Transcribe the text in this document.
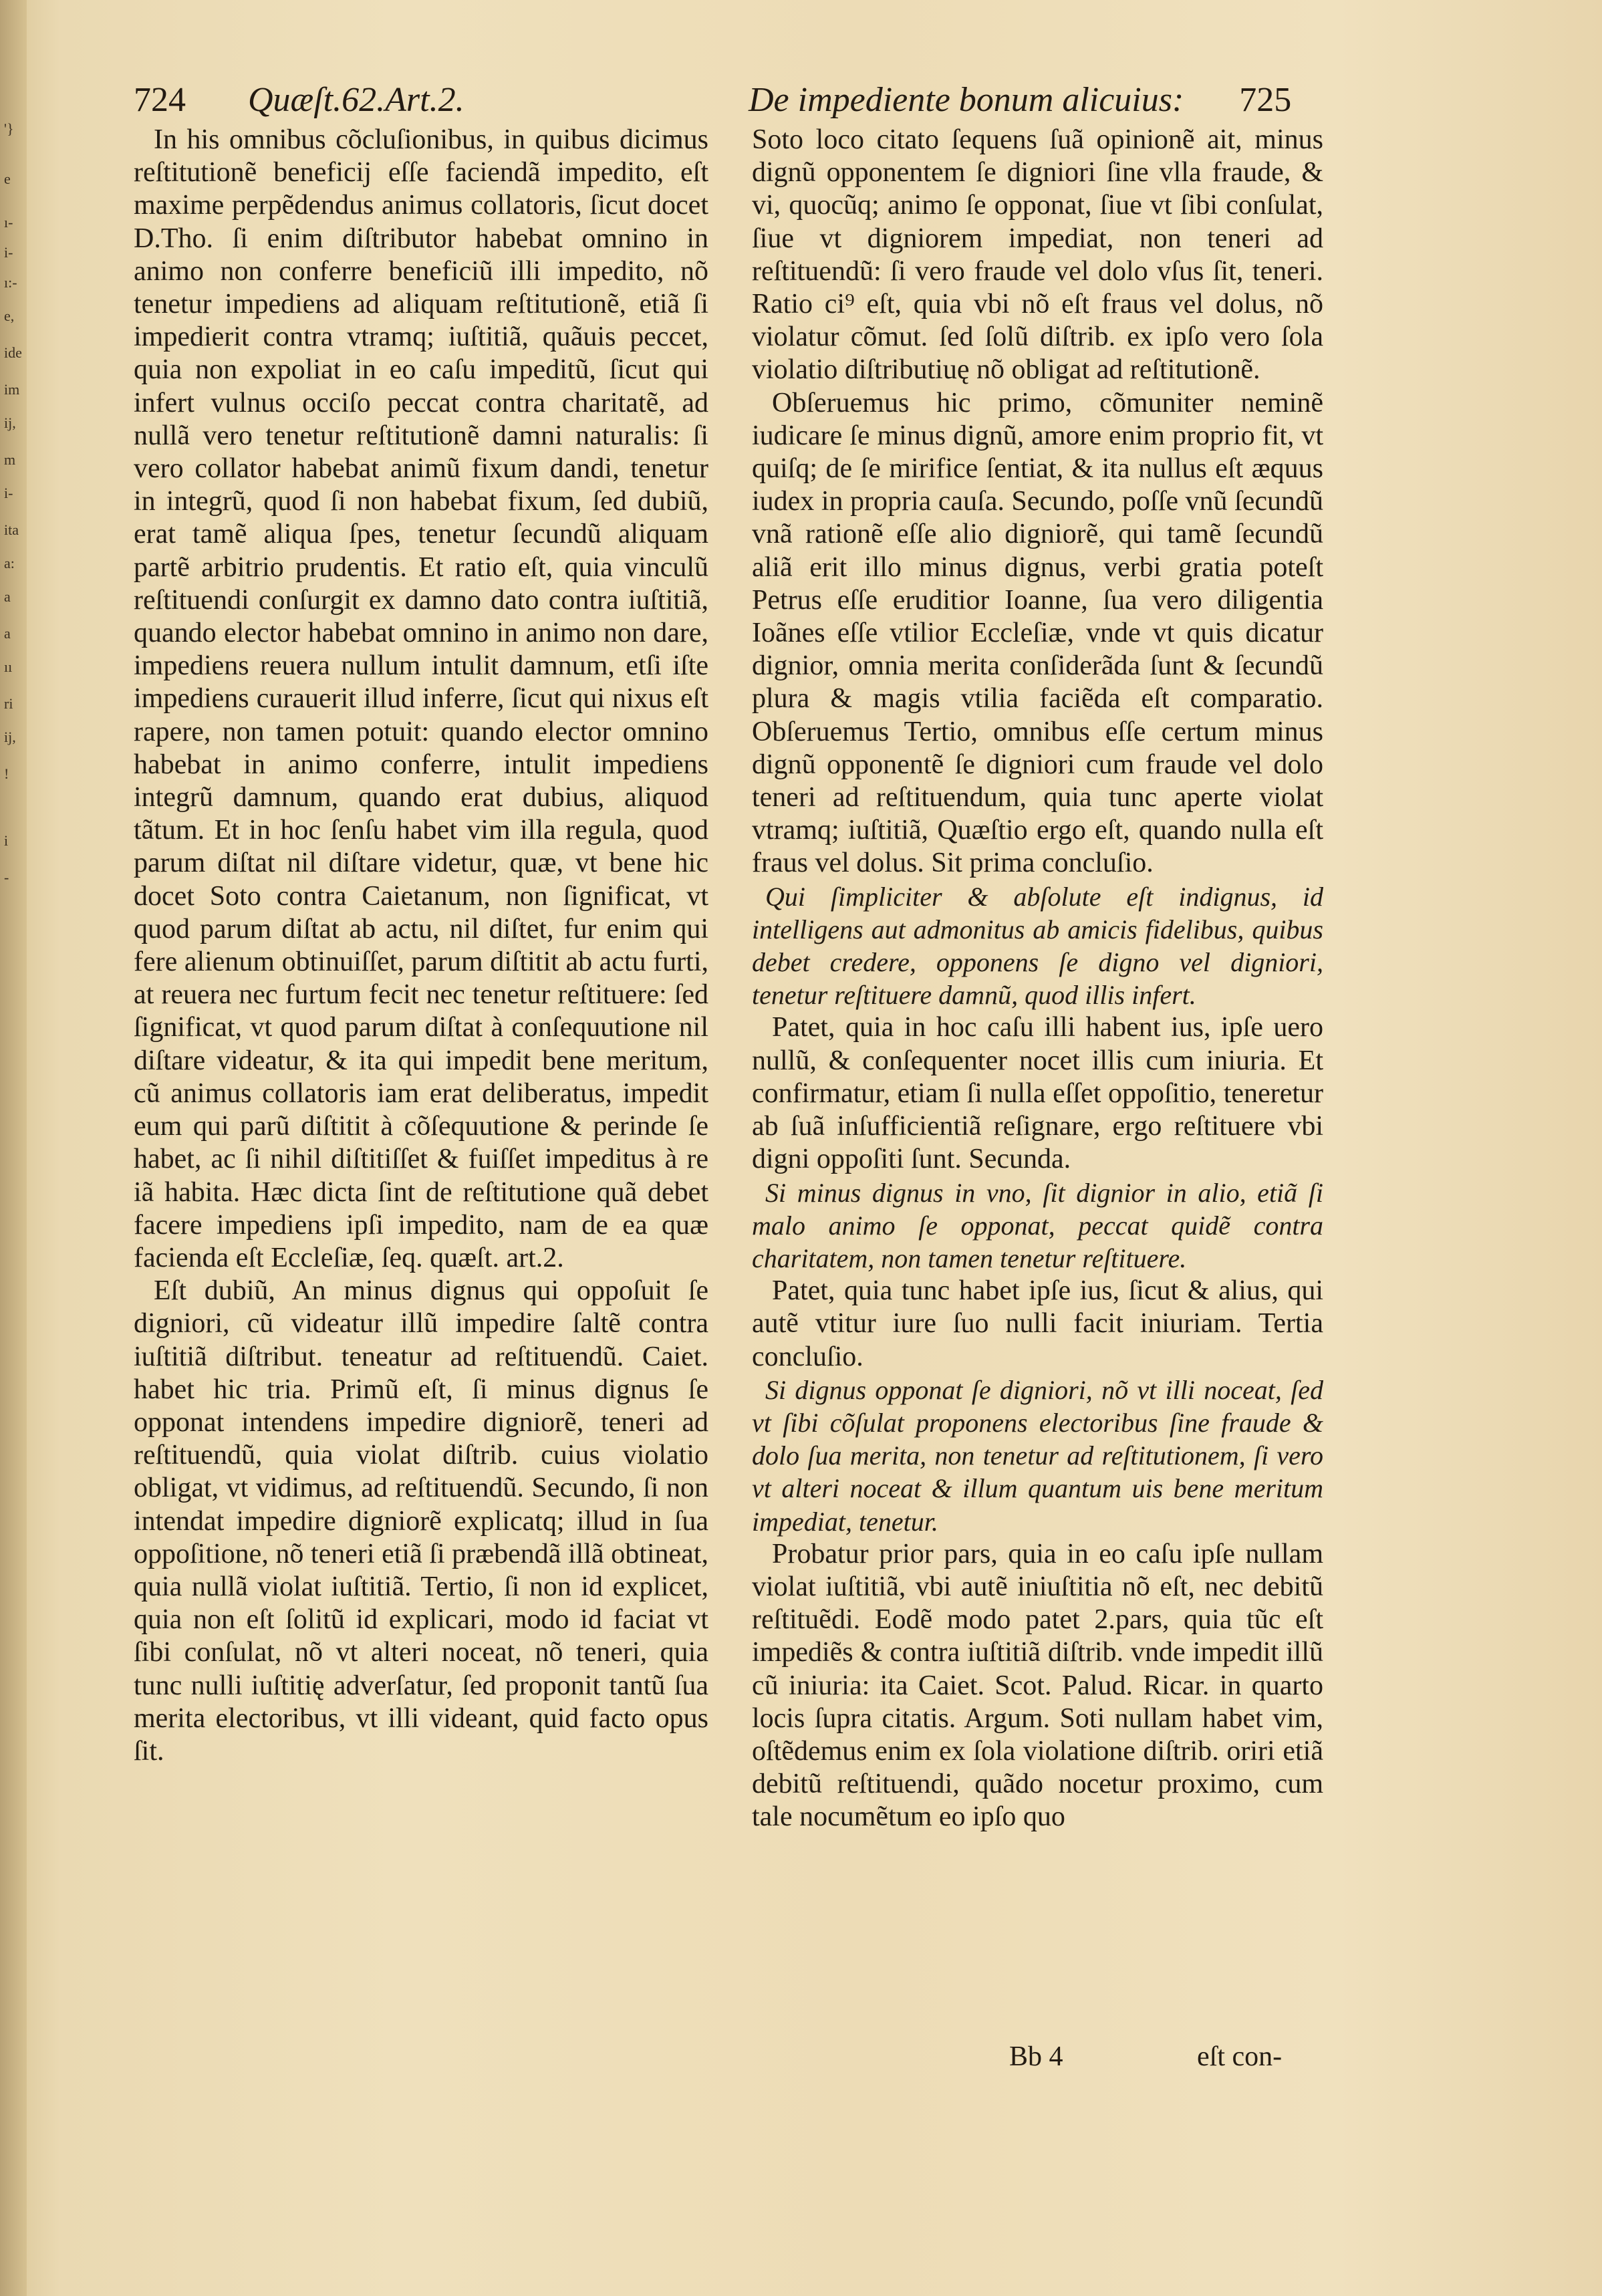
'}
e
ı-
i-
ı:-
e,
ide
im
ij,
m
i-
ita
a:
a
a
ıı
ri
ij,
!
i
-
724 Quæſt.62.Art.2.	De impediente bonum alicuius: 725

In his omnibus cõcluſionibus, in quibus dicimus reſtitutionẽ beneficij eſſe faciendã impedito, eſt maxime perpẽdendus animus collatoris, ſicut docet D.Tho. ſi enim diſtributor habebat omnino in animo non conferre beneficiũ illi impedito, nõ tenetur impediens ad aliquam reſtitutionẽ, etiã ſi impedierit contra vtramq; iuſtitiã, quãuis peccet, quia non expoliat in eo caſu impeditũ, ſicut qui infert vulnus occiſo peccat contra charitatẽ, ad nullã vero tenetur reſtitutionẽ damni naturalis: ſi vero collator habebat animũ fixum dandi, tenetur in integrũ, quod ſi non habebat fixum, ſed dubiũ, erat tamẽ aliqua ſpes, tenetur ſecundũ aliquam partẽ arbitrio prudentis. Et ratio eſt, quia vinculũ reſtituendi conſurgit ex damno dato contra iuſtitiã, quando elector habebat omnino in animo non dare, impediens reuera nullum intulit damnum, etſi iſte impediens curauerit illud inferre, ſicut qui nixus eſt rapere, non tamen potuit: quando elector omnino habebat in animo conferre, intulit impediens integrũ damnum, quando erat dubius, aliquod tãtum. Et in hoc ſenſu habet vim illa regula, quod parum diſtat nil diſtare videtur, quæ, vt bene hic docet Soto contra Caietanum, non ſignificat, vt quod parum diſtat ab actu, nil diſtet, fur enim qui fere alienum obtinuiſſet, parum diſtitit ab actu furti, at reuera nec furtum fecit nec tenetur reſtituere: ſed ſignificat, vt quod parum diſtat à conſequutione nil diſtare videatur, & ita qui impedit bene meritum, cũ animus collatoris iam erat deliberatus, impedit eum qui parũ diſtitit à cõſequutione & perinde ſe habet, ac ſi nihil diſtitiſſet & fuiſſet impeditus à re iã habita. Hæc dicta ſint de reſtitutione quã debet facere impediens ipſi impedito, nam de ea quæ facienda eſt Eccleſiæ, ſeq. quæſt. art.2.

Eſt dubiũ, An minus dignus qui oppoſuit ſe digniori, cũ videatur illũ impedire ſaltẽ contra iuſtitiã diſtribut. teneatur ad reſtituendũ. Caiet. habet hic tria. Primũ eſt, ſi minus dignus ſe opponat intendens impedire digniorẽ, teneri ad reſtituendũ, quia violat diſtrib. cuius violatio obligat, vt vidimus, ad reſtituendũ. Secundo, ſi non intendat impedire digniorẽ explicatq; illud in ſua oppoſitione, nõ teneri etiã ſi præbendã illã obtineat, quia nullã violat iuſtitiã. Tertio, ſi non id explicet, quia non eſt ſolitũ id explicari, modo id faciat vt ſibi conſulat, nõ vt alteri noceat, nõ teneri, quia tunc nulli iuſtitię adverſatur, ſed proponit tantũ ſua merita electoribus, vt illi videant, quid facto opus ſit.

Soto loco citato ſequens ſuã opinionẽ ait, minus dignũ opponentem ſe digniori ſine vlla fraude, & vi, quocũq; animo ſe opponat, ſiue vt ſibi conſulat, ſiue vt digniorem impediat, non teneri ad reſtituendũ: ſi vero fraude vel dolo vſus ſit, teneri. Ratio ci⁹ eſt, quia vbi nõ eſt fraus vel dolus, nõ violatur cõmut. ſed ſolũ diſtrib. ex ipſo vero ſola violatio diſtributiuę nõ obligat ad reſtitutionẽ.

Obſeruemus hic primo, cõmuniter neminẽ iudicare ſe minus dignũ, amore enim proprio fit, vt quiſq; de ſe mirifice ſentiat, & ita nullus eſt æquus iudex in propria cauſa. Secundo, poſſe vnũ ſecundũ vnã rationẽ eſſe alio digniorẽ, qui tamẽ ſecundũ aliã erit illo minus dignus, verbi gratia poteſt Petrus eſſe eruditior Ioanne, ſua vero diligentia Ioãnes eſſe vtilior Eccleſiæ, vnde vt quis dicatur dignior, omnia merita conſiderãda ſunt & ſecundũ plura & magis vtilia faciẽda eſt comparatio. Obſeruemus Tertio, omnibus eſſe certum minus dignũ opponentẽ ſe digniori cum fraude vel dolo teneri ad reſtituendum, quia tunc aperte violat vtramq; iuſtitiã, Quæſtio ergo eſt, quando nulla eſt fraus vel dolus. Sit prima concluſio.

Qui ſimpliciter & abſolute eſt indignus, id intelligens aut admonitus ab amicis fidelibus, quibus debet credere, opponens ſe digno vel digniori, tenetur reſtituere damnũ, quod illis infert.

Patet, quia in hoc caſu illi habent ius, ipſe uero nullũ, & conſequenter nocet illis cum iniuria. Et confirmatur, etiam ſi nulla eſſet oppoſitio, teneretur ab ſuã inſufficientiã reſignare, ergo reſtituere vbi digni oppoſiti ſunt. Secunda.

Si minus dignus in vno, ſit dignior in alio, etiã ſi malo animo ſe opponat, peccat quidẽ contra charitatem, non tamen tenetur reſtituere.

Patet, quia tunc habet ipſe ius, ſicut & alius, qui autẽ vtitur iure ſuo nulli facit iniuriam. Tertia concluſio.

Si dignus opponat ſe digniori, nõ vt illi noceat, ſed vt ſibi cõſulat proponens electoribus ſine fraude & dolo ſua merita, non tenetur ad reſtitutionem, ſi vero vt alteri noceat & illum quantum uis bene meritum impediat, tenetur.

Probatur prior pars, quia in eo caſu ipſe nullam violat iuſtitiã, vbi autẽ iniuſtitia nõ eſt, nec debitũ reſtituẽdi. Eodẽ modo patet 2.pars, quia tũc eſt impediẽs & contra iuſtitiã diſtrib. vnde impedit illũ cũ iniuria: ita Caiet. Scot. Palud. Ricar. in quarto locis ſupra citatis. Argum. Soti nullam habet vim, oſtẽdemus enim ex ſola violatione diſtrib. oriri etiã debitũ reſtituendi, quãdo nocetur proximo, cum tale nocumẽtum eo ipſo quo

Bb 4	eſt con-
